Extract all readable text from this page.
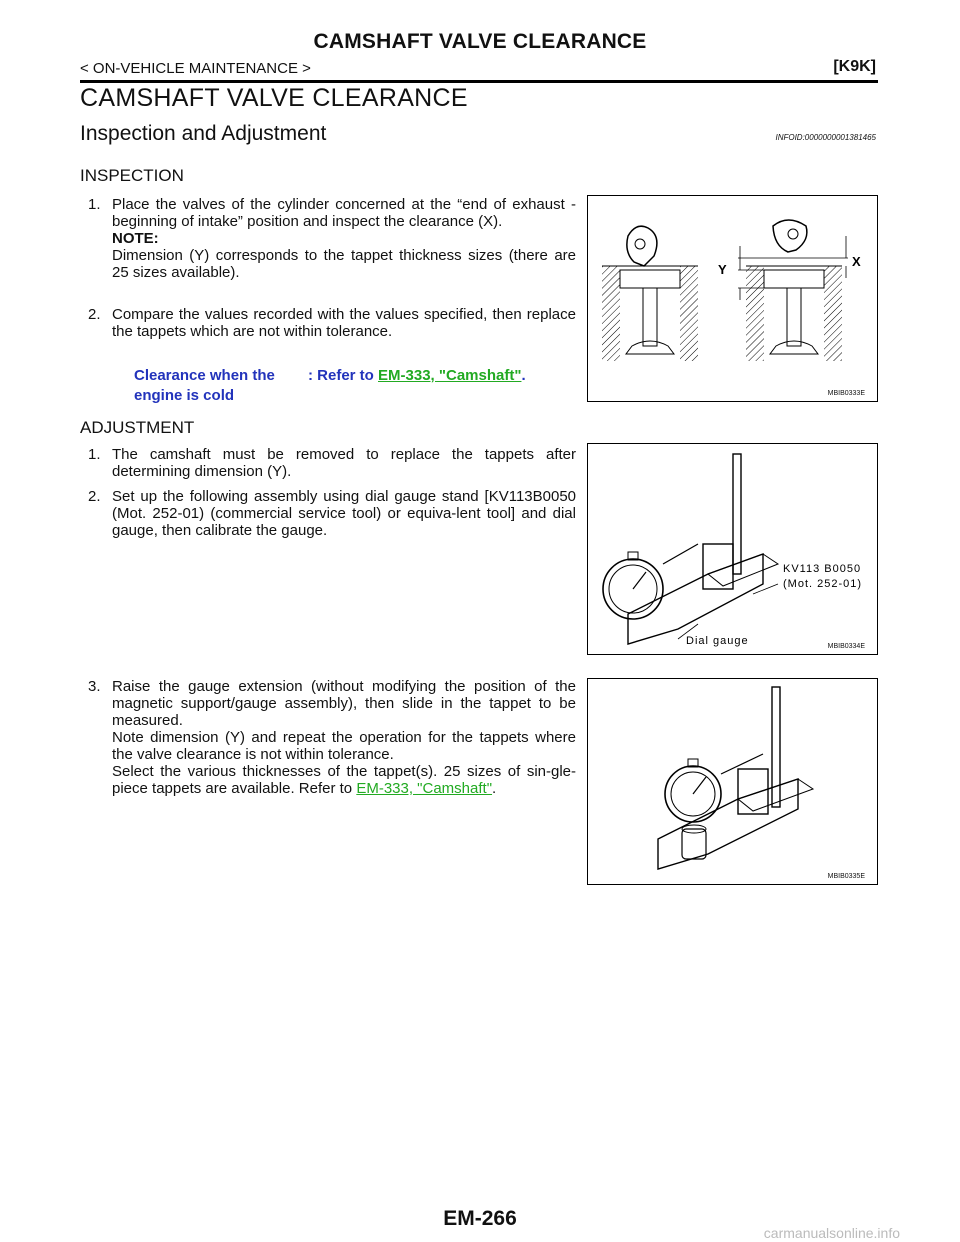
CAMSHAFT VALVE CLEARANCE
< ON-VEHICLE MAINTENANCE >	[K9K]
CAMSHAFT VALVE CLEARANCE
Inspection and Adjustment	INFOID:0000000001381465
INSPECTION
1. Place the valves of the cylinder concerned at the “end of exhaust - beginning of intake” position and inspect the clearance (X).
NOTE:
Dimension (Y) corresponds to the tappet thickness sizes (there are 25 sizes available).
2. Compare the values recorded with the values specified, then replace the tappets which are not within tolerance.
Clearance when the engine is cold
: Refer to EM-333, "Camshaft".
Y
X
MBIB0333E
ADJUSTMENT
1. The camshaft must be removed to replace the tappets after determining dimension (Y).
2. Set up the following assembly using dial gauge stand [KV113B0050 (Mot. 252-01) (commercial service tool) or equiva-lent tool] and dial gauge, then calibrate the gauge.
KV113 B0050
(Mot. 252-01)
Dial gauge	MBIB0334E
3. Raise the gauge extension (without modifying the position of the magnetic support/gauge assembly), then slide in the tappet to be measured.
Note dimension (Y) and repeat the operation for the tappets where the valve clearance is not within tolerance.
Select the various thicknesses of the tappet(s). 25 sizes of sin-gle-piece tappets are available. Refer to EM-333, "Camshaft".
MBIB0335E
EM-266
carmanualsonline.info
